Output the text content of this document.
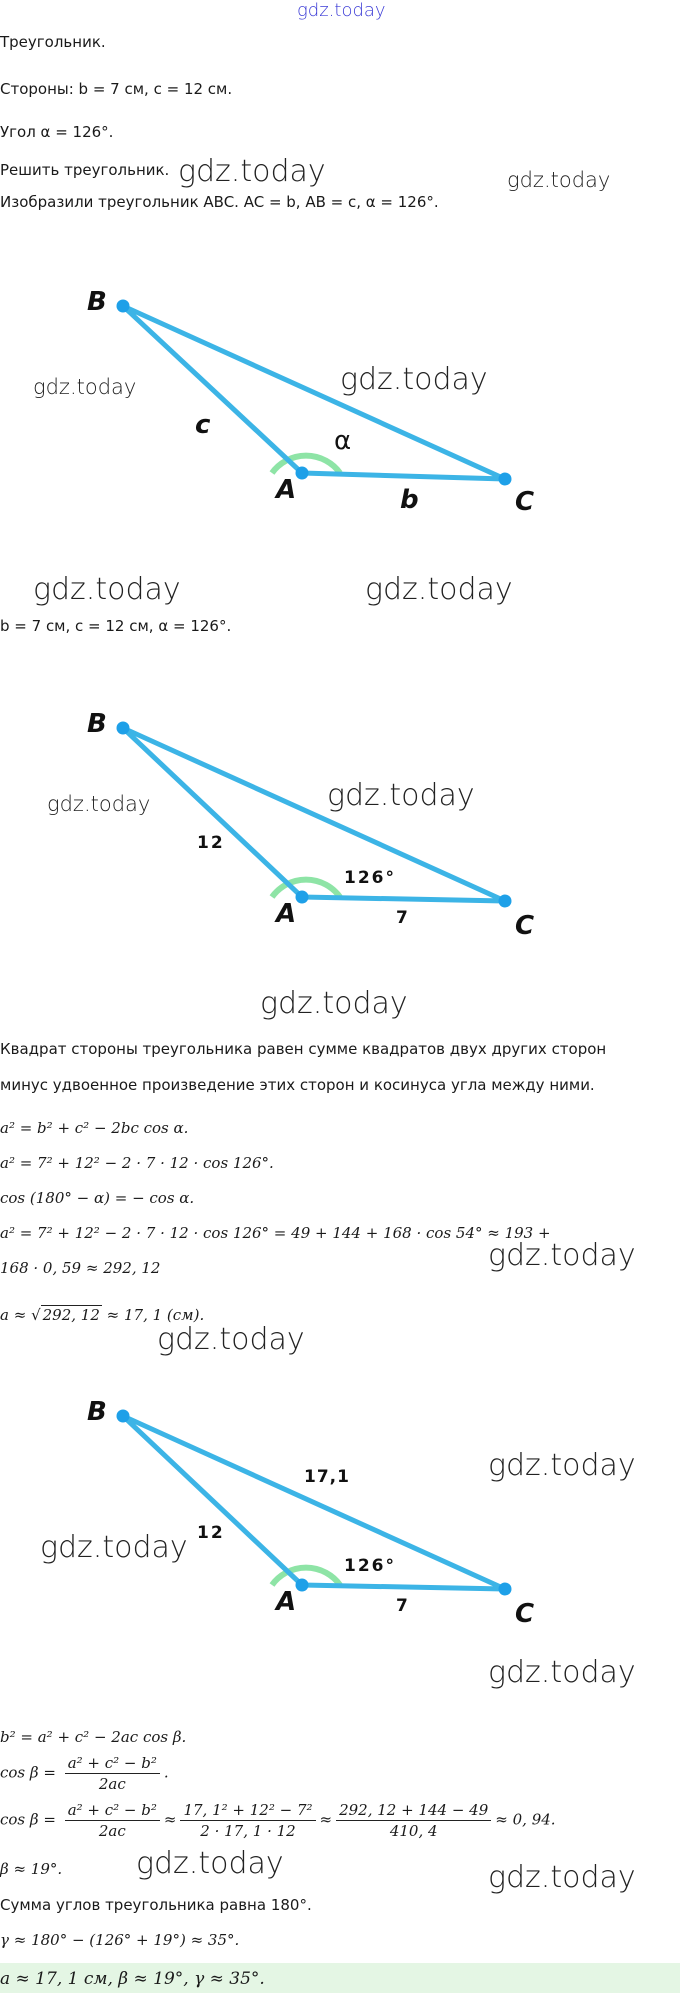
gdz.today
Треугольник.
Стороны: b = 7 см, c = 12 см.
Угол α = 126°.
Решить треугольник. gdz.today	gdz.today
Изобразили треугольник ABC. AC = b, AB = c, α = 126°.
B
A	C
c
b
α
gdz.today	gdz.today
gdz.today	gdz.today
b = 7 см, c = 12 см, α = 126°.
B
A	C
12
7
126°
gdz.today	gdz.today
gdz.today
Квадрат стороны треугольника равен сумме квадратов двух других сторон
минус удвоенное произведение этих сторон и косинуса угла между ними.
a² = b² + c² − 2bc cos α.
a² = 7² + 12² − 2 · 7 · 12 · cos 126°.
cos (180° − α) = − cos α.
a² = 7² + 12² − 2 · 7 · 12 · cos 126° = 49 + 144 + 168 · cos 54° ≈ 193 +
168 · 0, 59 ≈ 292, 12	gdz.today
a ≈ √ 292, 12 ≈ 17, 1 (см).
gdz.today
B
A	C
12
7
17,1
126°
gdz.today
gdz.today
gdz.today
b² = a² + c² − 2ac cos β.
$\cos \beta = \frac{\text{a² + c² − b²}}{2ac}$ .
$\cos \beta = \frac{\text{a² + c² − b²}}{2ac} \approx \frac{\text{17, 1² + 12² − 7²}}{2 \cdot 17, 1 \cdot 12} \approx \frac{292, 12 + 144 - 49}{410, 4} \approx 0$, 94.
β ≈ 19°. gdz.today	gdz.today
Сумма углов треугольника равна 180°.
γ ≈ 180° − (126° + 19°) ≈ 35°.
a ≈ 17, 1 см, β ≈ 19°, γ ≈ 35°.
